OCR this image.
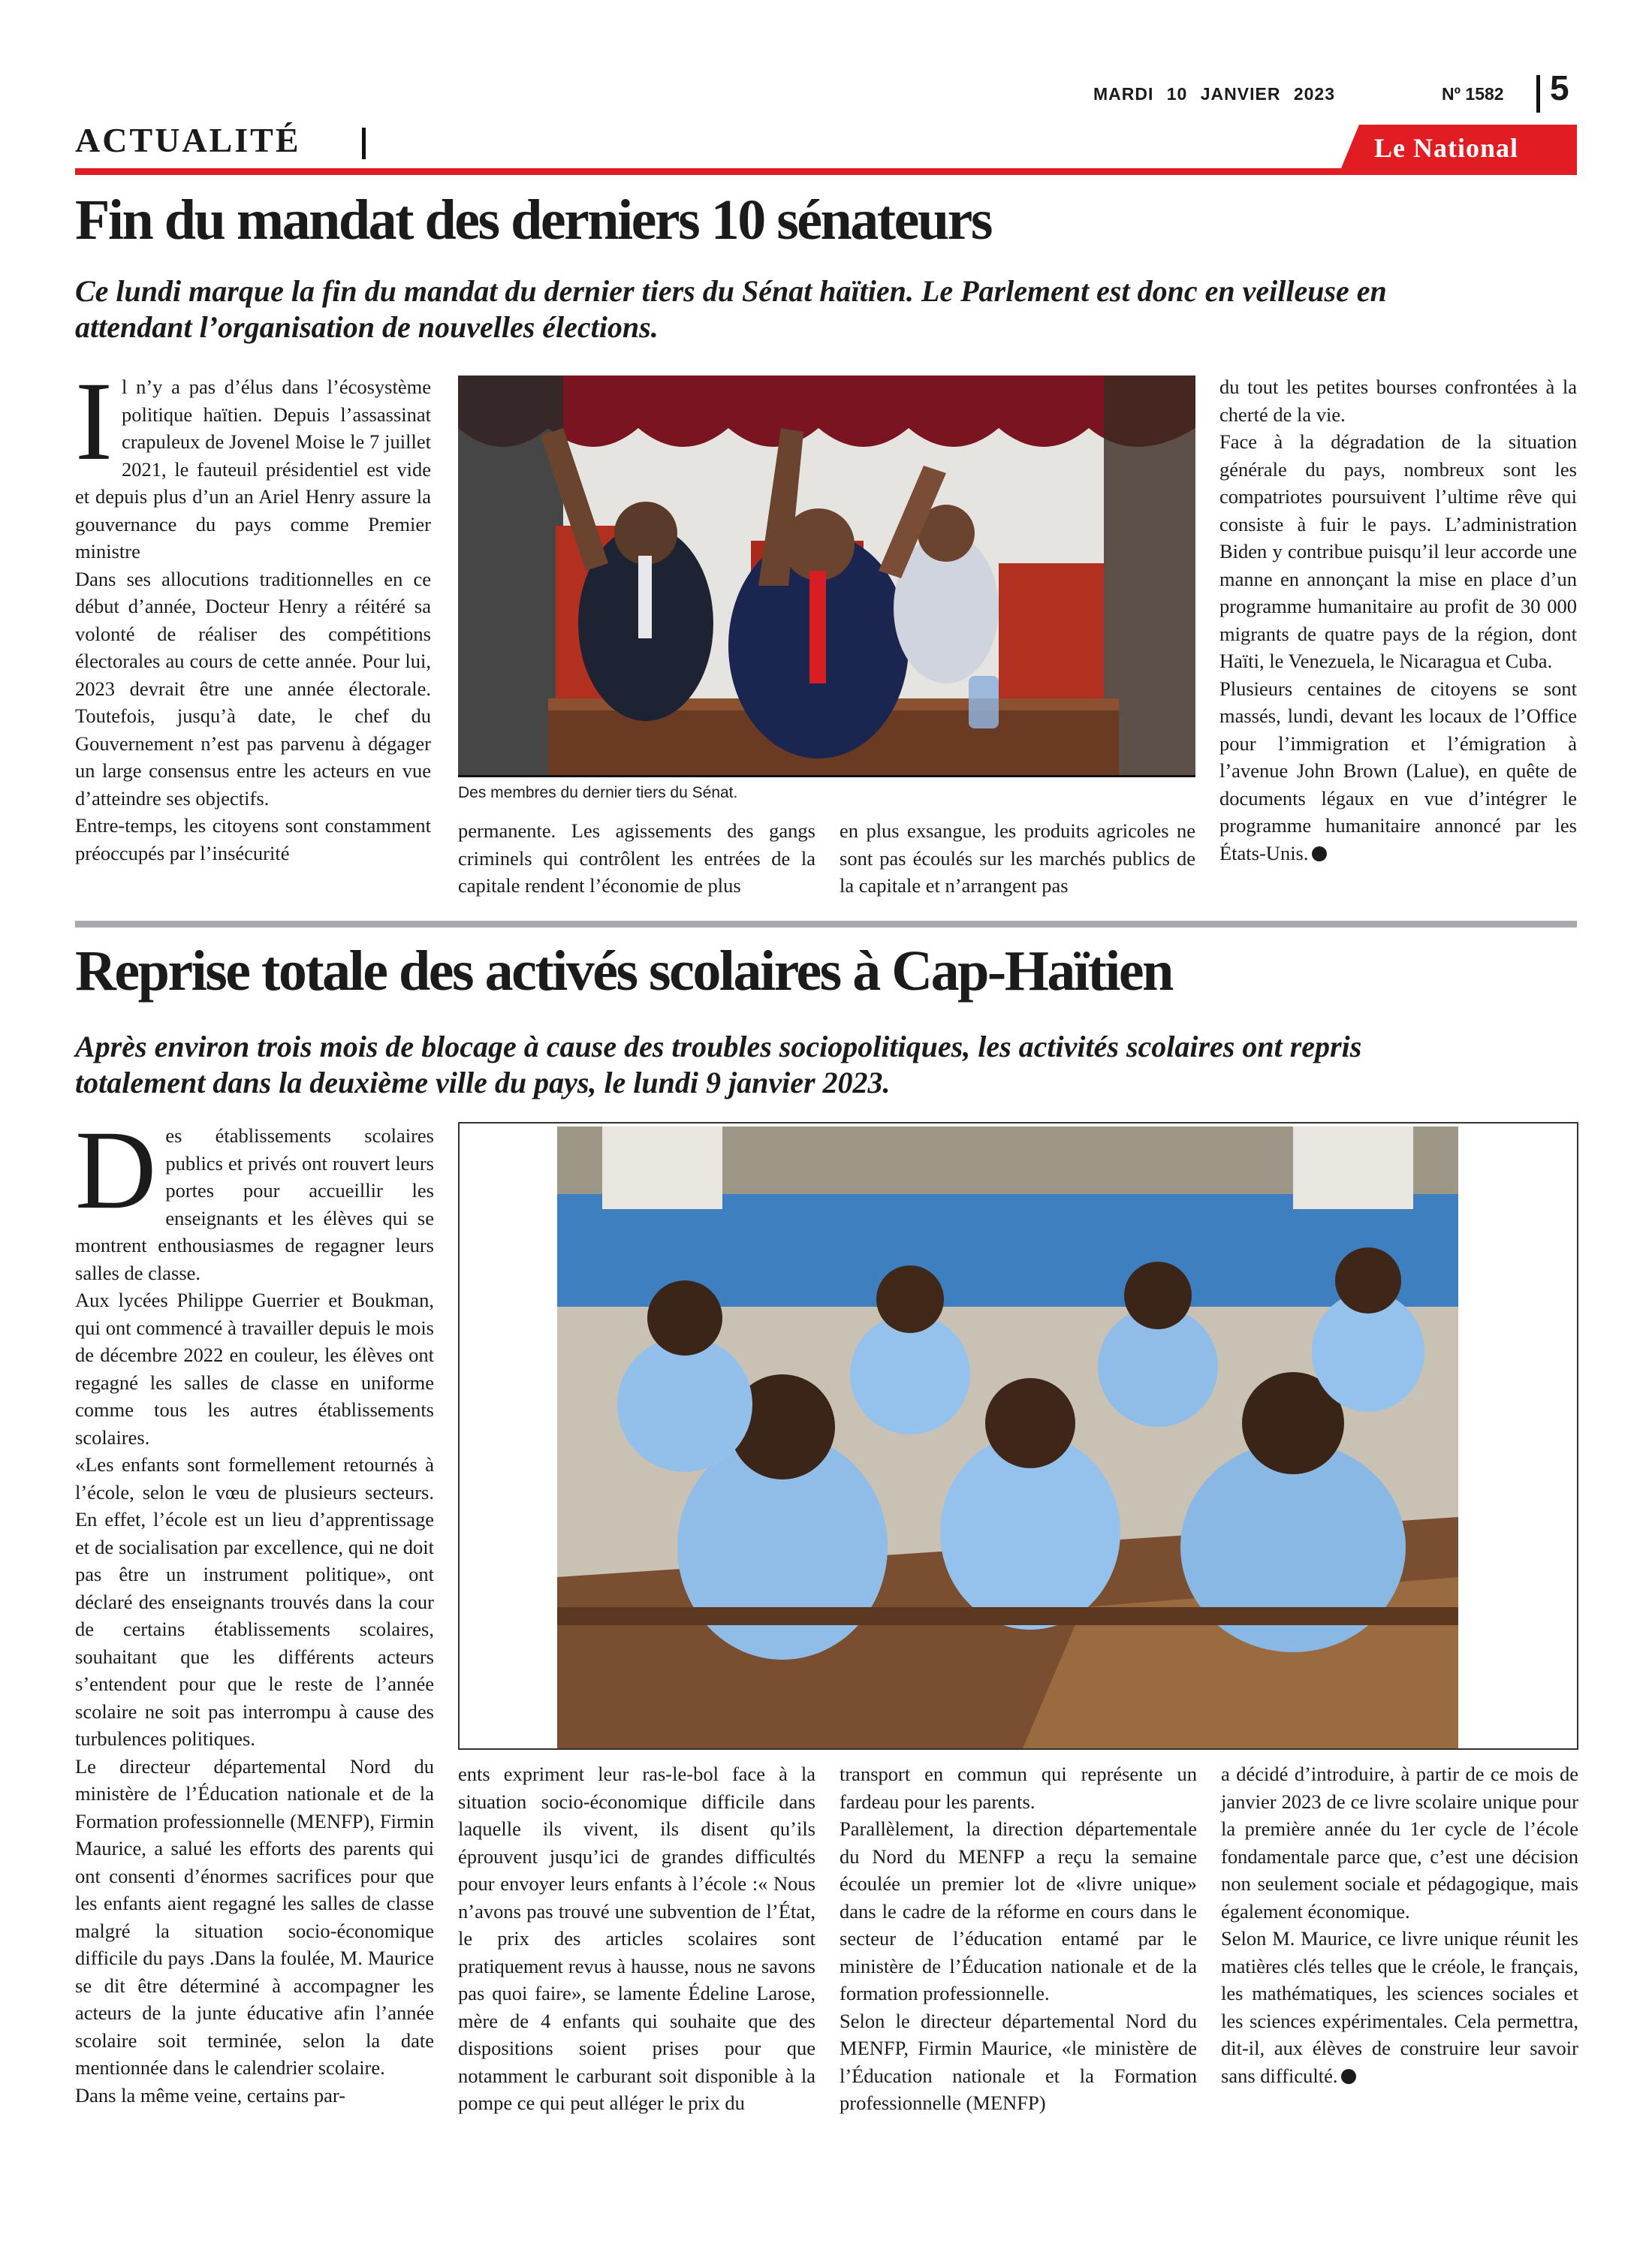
MARDI 10 JANVIER 2023	Nº 1582 5
ACTUALITÉ	Le National
Fin du mandat des derniers 10 sénateurs
Ce lundi marque la fin du mandat du dernier tiers du Sénat haïtien. Le Parlement est donc en veilleuse en
attendant l’organisation de nouvelles élections.

Il n’y a pas d’élus dans l’écosystème politique haïtien. Depuis l’assassinat crapuleux de Jovenel Moise le 7 juillet 2021, le fauteuil présidentiel est vide et depuis plus d’un an Ariel Henry assure la gouvernance du pays comme Premier ministre

Dans ses allocutions traditionnelles en ce début d’année, Docteur Henry a réitéré sa volonté de réaliser des compétitions électorales au cours de cette année. Pour lui, 2023 devrait être une année électorale. Toutefois, jusqu’à date, le chef du Gouvernement n’est pas parvenu à dégager un large consensus entre les acteurs en vue d’atteindre ses objectifs.

Entre-temps, les citoyens sont constamment préoccupés par l’insécurité

Des membres du dernier tiers du Sénat.

permanente. Les agissements des gangs criminels qui contrôlent les entrées de la capitale rendent l’économie de plus

en plus exsangue, les produits agricoles ne sont pas écoulés sur les marchés publics de la capitale et n’arrangent pas

du tout les petites bourses confrontées à la cherté de la vie.

Face à la dégradation de la situation générale du pays, nombreux sont les compatriotes poursuivent l’ultime rêve qui consiste à fuir le pays. L’administration Biden y contribue puisqu’il leur accorde une manne en annonçant la mise en place d’un programme humanitaire au profit de 30 000 migrants de quatre pays de la région, dont Haïti, le Venezuela, le Nicaragua et Cuba.

Plusieurs centaines de citoyens se sont massés, lundi, devant les locaux de l’Office pour l’immigration et l’émigration à l’avenue John Brown (Lalue), en quête de documents légaux en vue d’intégrer le programme humanitaire annoncé par les États-Unis.

Reprise totale des activés scolaires à Cap-Haïtien
Après environ trois mois de blocage à cause des troubles sociopolitiques, les activités scolaires ont repris
totalement dans la deuxième ville du pays, le lundi 9 janvier 2023.

Des établissements scolaires publics et privés ont rouvert leurs portes pour accueillir les enseignants et les élèves qui se montrent enthousiasmes de regagner leurs salles de classe.

Aux lycées Philippe Guerrier et Boukman, qui ont commencé à travailler depuis le mois de décembre 2022 en couleur, les élèves ont regagné les salles de classe en uniforme comme tous les autres établissements scolaires.

«Les enfants sont formellement retournés à l’école, selon le vœu de plusieurs secteurs. En effet, l’école est un lieu d’apprentissage et de socialisation par excellence, qui ne doit pas être un instrument politique», ont déclaré des enseignants trouvés dans la cour de certains établissements scolaires, souhaitant que les différents acteurs s’entendent pour que le reste de l’année scolaire ne soit pas interrompu à cause des turbulences politiques.

Le directeur départemental Nord du ministère de l’Éducation nationale et de la Formation professionnelle (MENFP), Firmin Maurice, a salué les efforts des parents qui ont consenti d’énormes sacrifices pour que les enfants aient regagné les salles de classe malgré la situation socio-économique difficile du pays .Dans la foulée, M. Maurice se dit être déterminé à accompagner les acteurs de la junte éducative afin l’année scolaire soit terminée, selon la date mentionnée dans le calendrier scolaire.

Dans la même veine, certains par-

ents expriment leur ras-le-bol face à la situation socio-économique difficile dans laquelle ils vivent, ils disent qu’ils éprouvent jusqu’ici de grandes difficultés pour envoyer leurs enfants à l’école :« Nous n’avons pas trouvé une subvention de l’État, le prix des articles scolaires sont pratiquement revus à hausse, nous ne savons pas quoi faire», se lamente Édeline Larose, mère de 4 enfants qui souhaite que des dispositions soient prises pour que notamment le carburant soit disponible à la pompe ce qui peut alléger le prix du

transport en commun qui représente un fardeau pour les parents.

Parallèlement, la direction départementale du Nord du MENFP a reçu la semaine écoulée un premier lot de «livre unique» dans le cadre de la réforme en cours dans le secteur de l’éducation entamé par le ministère de l’Éducation nationale et de la formation professionnelle.

Selon le directeur départemental Nord du MENFP, Firmin Maurice, «le ministère de l’Éducation nationale et la Formation professionnelle (MENFP)

a décidé d’introduire, à partir de ce mois de janvier 2023 de ce livre scolaire unique pour la première année du 1er cycle de l’école fondamentale parce que, c’est une décision non seulement sociale et pédagogique, mais également économique.

Selon M. Maurice, ce livre unique réunit les matières clés telles que le créole, le français, les mathématiques, les sciences sociales et les sciences expérimentales. Cela permettra, dit-il, aux élèves de construire leur savoir sans difficulté.
